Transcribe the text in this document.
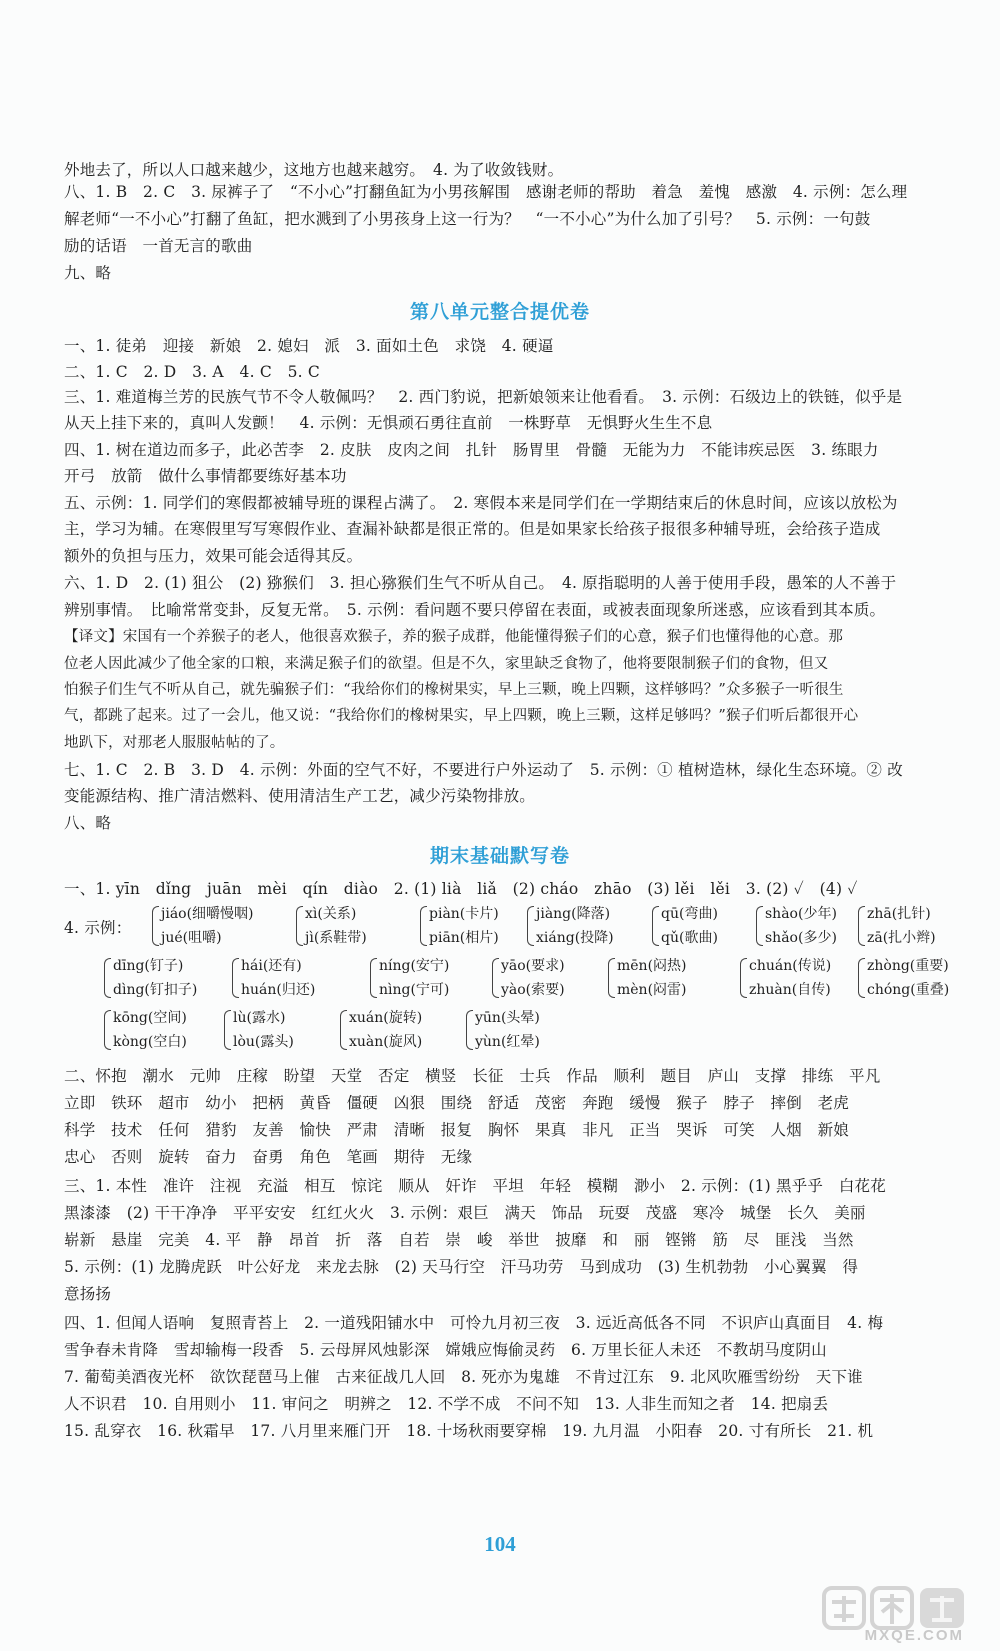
外地去了，所以人口越来越少，这地方也越来越穷。　4. 为了收敛钱财。
八、1. B　2. C　3. 尿裤子了　“不小心”打翻鱼缸为小男孩解围　感谢老师的帮助　着急　羞愧　感激　4. 示例：怎么理
解老师“一不小心”打翻了鱼缸，把水溅到了小男孩身上这一行为？　“一不小心”为什么加了引号？　5. 示例：一句鼓
励的话语　一首无言的歌曲
九、略
第八单元整合提优卷
一、1. 徒弟　迎接　新娘　2. 媳妇　派　3. 面如土色　求饶　4. 硬逼
二、1. C　2. D　3. A　4. C　5. C
三、1. 难道梅兰芳的民族气节不令人敬佩吗？　2. 西门豹说，把新娘领来让他看看。　3. 示例：石级边上的铁链，似乎是
从天上挂下来的，真叫人发颤！　4. 示例：无惧顽石勇往直前　一株野草　无惧野火生生不息
四、1. 树在道边而多子，此必苦李　2. 皮肤　皮肉之间　扎针　肠胃里　骨髓　无能为力　不能讳疾忌医　3. 练眼力
开弓　放箭　做什么事情都要练好基本功
五、示例：1. 同学们的寒假都被辅导班的课程占满了。　2. 寒假本来是同学们在一学期结束后的休息时间，应该以放松为
主，学习为辅。在寒假里写写寒假作业、查漏补缺都是很正常的。但是如果家长给孩子报很多种辅导班，会给孩子造成
额外的负担与压力，效果可能会适得其反。
六、1. D　2. (1) 狙公　(2) 猕猴们　3. 担心猕猴们生气不听从自己。　4. 原指聪明的人善于使用手段，愚笨的人不善于
辨别事情。　比喻常常变卦，反复无常。　5. 示例：看问题不要只停留在表面，或被表面现象所迷惑，应该看到其本质。
【译文】宋国有一个养猴子的老人，他很喜欢猴子，养的猴子成群，他能懂得猴子们的心意，猴子们也懂得他的心意。那
位老人因此减少了他全家的口粮，来满足猴子们的欲望。但是不久，家里缺乏食物了，他将要限制猴子们的食物，但又
怕猴子们生气不听从自己，就先骗猴子们：“我给你们的橡树果实，早上三颗，晚上四颗，这样够吗？”众多猴子一听很生
气，都跳了起来。过了一会儿，他又说：“我给你们的橡树果实，早上四颗，晚上三颗，这样足够吗？”猴子们听后都很开心
地趴下，对那老人服服帖帖的了。
七、1. C　2. B　3. D　4. 示例：外面的空气不好，不要进行户外运动了　5. 示例：① 植树造林，绿化生态环境。② 改
变能源结构、推广清洁燃料、使用清洁生产工艺，减少污染物排放。
八、略
期末基础默写卷
一、1. yīn　dǐng　juān　mèi　qín　diào　2. (1) lià　liǎ　(2) cháo　zhāo　(3) lěi　lěi　3. (2) ✓　(4) ✓
4. 示例：
jiáo(细嚼慢咽)
jué(咀嚼)
xì(关系)
jì(系鞋带)
piàn(卡片)
piān(相片)
jiàng(降落)
xiáng(投降)
qū(弯曲)
qǔ(歌曲)
shào(少年)
shǎo(多少)
zhā(扎针)
zā(扎小辫)
dīng(钉子)
dìng(钉扣子)
hái(还有)
huán(归还)
níng(安宁)
nìng(宁可)
yāo(要求)
yào(索要)
mēn(闷热)
mèn(闷雷)
chuán(传说)
zhuàn(自传)
zhòng(重要)
chóng(重叠)
kōng(空间)
kòng(空白)
lù(露水)
lòu(露头)
xuán(旋转)
xuàn(旋风)
yūn(头晕)
yùn(红晕)
二、怀抱　潮水　元帅　庄稼　盼望　天堂　否定　横竖　长征　士兵　作品　顺利　题目　庐山　支撑　排练　平凡
立即　铁环　超市　幼小　把柄　黄昏　僵硬　凶狠　围绕　舒适　茂密　奔跑　缓慢　猴子　脖子　摔倒　老虎
科学　技术　任何　猎豹　友善　愉快　严肃　清晰　报复　胸怀　果真　非凡　正当　哭诉　可笑　人烟　新娘
忠心　否则　旋转　奋力　奋勇　角色　笔画　期待　无缘
三、1. 本性　准许　注视　充溢　相互　惊诧　顺从　奸诈　平坦　年轻　模糊　渺小　2. 示例：(1) 黑乎乎　白花花
黑漆漆　(2) 干干净净　平平安安　红红火火　3. 示例：艰巨　满天　饰品　玩耍　茂盛　寒冷　城堡　长久　美丽
崭新　悬崖　完美　4. 平　静　昂首　折　落　自若　崇　峻　举世　披靡　和　丽　铿锵　筋　尽　匪浅　当然
5. 示例：(1) 龙腾虎跃　叶公好龙　来龙去脉　(2) 天马行空　汗马功劳　马到成功　(3) 生机勃勃　小心翼翼　得
意扬扬
四、1. 但闻人语响　复照青苔上　2. 一道残阳铺水中　可怜九月初三夜　3. 远近高低各不同　不识庐山真面目　4. 梅
雪争春未肯降　雪却输梅一段香　5. 云母屏风烛影深　嫦娥应悔偷灵药　6. 万里长征人未还　不教胡马度阴山
7. 葡萄美酒夜光杯　欲饮琵琶马上催　古来征战几人回　8. 死亦为鬼雄　不肯过江东　9. 北风吹雁雪纷纷　天下谁
人不识君　10. 自用则小　11. 审问之　明辨之　12. 不学不成　不问不知　13. 人非生而知之者　14. 把扇丢
15. 乱穿衣　16. 秋霜早　17. 八月里来雁门开　18. 十场秋雨要穿棉　19. 九月温　小阳春　20. 寸有所长　21. 机
104
MXQE.COM
